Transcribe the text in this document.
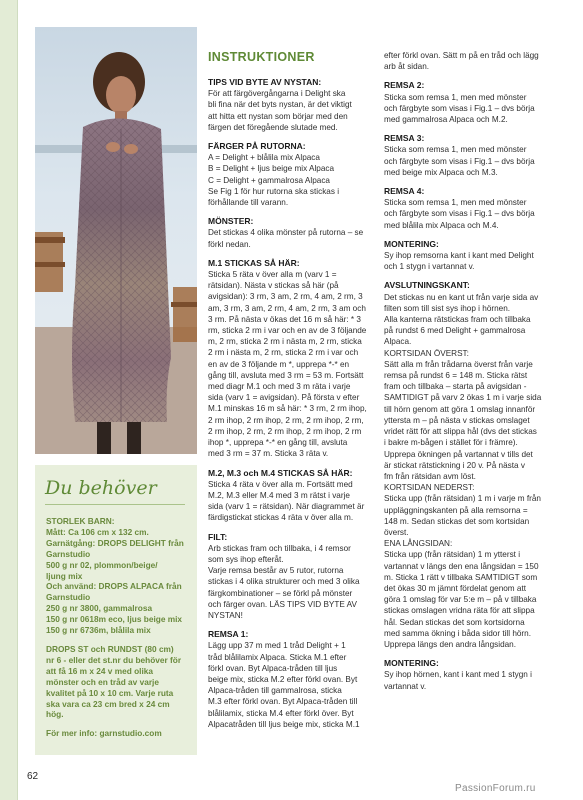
Du behöver
STORLEK BARN:
Mått: Ca 106 cm x 132 cm.
Garnätgång: DROPS DELIGHT från
Garnstudio
500 g nr 02, plommon/beige/
ljung mix
Och använd: DROPS ALPACA från
Garnstudio
250 g nr 3800, gammalrosa
150 g nr 0618m eco, ljus beige mix
150 g nr 6736m, blålila mix
DROPS ST och RUNDST (80 cm)
nr 6 - eller det st.nr du behöver för
att få 16 m x 24 v med olika
mönster och en tråd av varje
kvalitet på 10 x 10 cm. Varje ruta
ska vara ca 23 cm bred x 24 cm
hög.
För mer info: garnstudio.com
INSTRUKTIONER
TIPS VID BYTE AV NYSTAN:
För att färgövergångarna i Delight ska
bli fina när det byts nystan, är det viktigt
att hitta ett nystan som börjar med den
färgen det föregående slutade med.
FÄRGER PÅ RUTORNA:
A = Delight + blålila mix Alpaca
B = Delight + ljus beige mix Alpaca
C = Delight + gammalrosa Alpaca
Se Fig 1 för hur rutorna ska stickas i
förhållande till varann.
MÖNSTER:
Det stickas 4 olika mönster på rutorna – se
förkl nedan.
M.1 STICKAS SÅ HÄR:
Sticka 5 räta v över alla m (varv 1 =
rätsidan). Nästa v stickas så här (på
avigsidan): 3 rm, 3 am, 2 rm, 4 am, 2 rm, 3
am, 3 rm, 3 am, 2 rm, 4 am, 2 rm, 3 am och
3 rm. På nästa v ökas det 16 m så här: * 3
rm, sticka 2 rm i var och en av de 3 följande
m, 2 rm, sticka 2 rm i nästa m, 2 rm, sticka
2 rm i nästa m, 2 rm, sticka 2 rm i var och
en av de 3 följande m *, upprepa *-* en
gång till, avsluta med 3 rm = 53 m. Fortsätt
med diagr M.1 och med 3 m räta i varje
sida (varv 1 = avigsidan). På första v efter
M.1 minskas 16 m så här: * 3 rm, 2 rm ihop,
2 rm ihop, 2 rm ihop, 2 rm, 2 rm ihop, 2 rm,
2 rm ihop, 2 rm, 2 rm ihop, 2 rm ihop, 2 rm
ihop *, upprepa *-* en gång till, avsluta
med 3 rm = 37 m. Sticka 3 räta v.
M.2, M.3 och M.4 STICKAS SÅ HÄR:
Sticka 4 räta v över alla m. Fortsätt med
M.2, M.3 eller M.4 med 3 m rätst i varje
sida (varv 1 = rätsidan). När diagrammet är
färdigstickat stickas 4 räta v över alla m.
FILT:
Arb stickas fram och tillbaka, i 4 remsor
som sys ihop efteråt.
Varje remsa består av 5 rutor, rutorna
stickas i 4 olika strukturer och med 3 olika
färgkombinationer – se förkl på mönster
och färger ovan. LÄS TIPS VID BYTE AV
NYSTAN!
REMSA 1:
Lägg upp 37 m med 1 tråd Delight + 1
tråd blålilamix Alpaca. Sticka M.1 efter
förkl ovan. Byt Alpaca-tråden till ljus
beige mix, sticka M.2 efter förkl ovan. Byt
Alpaca-tråden till gammalrosa, sticka
M.3 efter förkl ovan. Byt Alpaca-tråden till
blålilamix, sticka M.4 efter förkl över. Byt
Alpacatråden till ljus beige mix, sticka M.1
efter förkl ovan. Sätt m på en tråd och lägg
arb åt sidan.
REMSA 2:
Sticka som remsa 1, men med mönster
och färgbyte som visas i Fig.1 – dvs börja
med gammalrosa Alpaca och M.2.
REMSA 3:
Sticka som remsa 1, men med mönster
och färgbyte som visas i Fig.1 – dvs börja
med beige mix Alpaca och M.3.
REMSA 4:
Sticka som remsa 1, men med mönster
och färgbyte som visas i Fig.1 – dvs börja
med blålila mix Alpaca och M.4.
MONTERING:
Sy ihop remsorna kant i kant med Delight
och 1 stygn i vartannat v.
AVSLUTNINGSKANT:
Det stickas nu en kant ut från varje sida av
filten som till sist sys ihop i hörnen.
Alla kanterna rätstickas fram och tillbaka
på rundst 6 med Delight + gammalrosa
Alpaca.
KORTSIDAN ÖVERST:
Sätt alla m från trådarna överst från varje
remsa på rundst 6 = 148 m. Sticka rätst
fram och tillbaka – starta på avigsidan -
SAMTIDIGT på varv 2 ökas 1 m i varje sida
till hörn genom att göra 1 omslag innanför
yttersta m – på nästa v stickas omslaget
vridet rätt för att slippa hål (dvs det stickas
i bakre m-bågen i stället för i främre).
Upprepa ökningen på vartannat v tills det
är stickat rätstickning i 20 v. På nästa v
fm från rätsidan avm löst.
KORTSIDAN NEDERST:
Sticka upp (från rätsidan) 1 m i varje m från
uppläggningskanten på alla remsorna =
148 m. Sedan stickas det som kortsidan
överst.
ENA LÅNGSIDAN:
Sticka upp (från rätsidan) 1 m ytterst i
vartannat v längs den ena långsidan = 150
m. Sticka 1 rätt v tillbaka SAMTIDIGT som
det ökas 30 m jämnt fördelat genom att
göra 1 omslag för var 5:e m – på v tillbaka
stickas omslagen vridna räta för att slippa
hål. Sedan stickas det som kortsidorna
med samma ökning i båda sidor till hörn.
Upprepa längs den andra långsidan.
MONTERING:
Sy ihop hörnen, kant i kant med 1 stygn i
vartannat v.
62
PassionForum.ru
